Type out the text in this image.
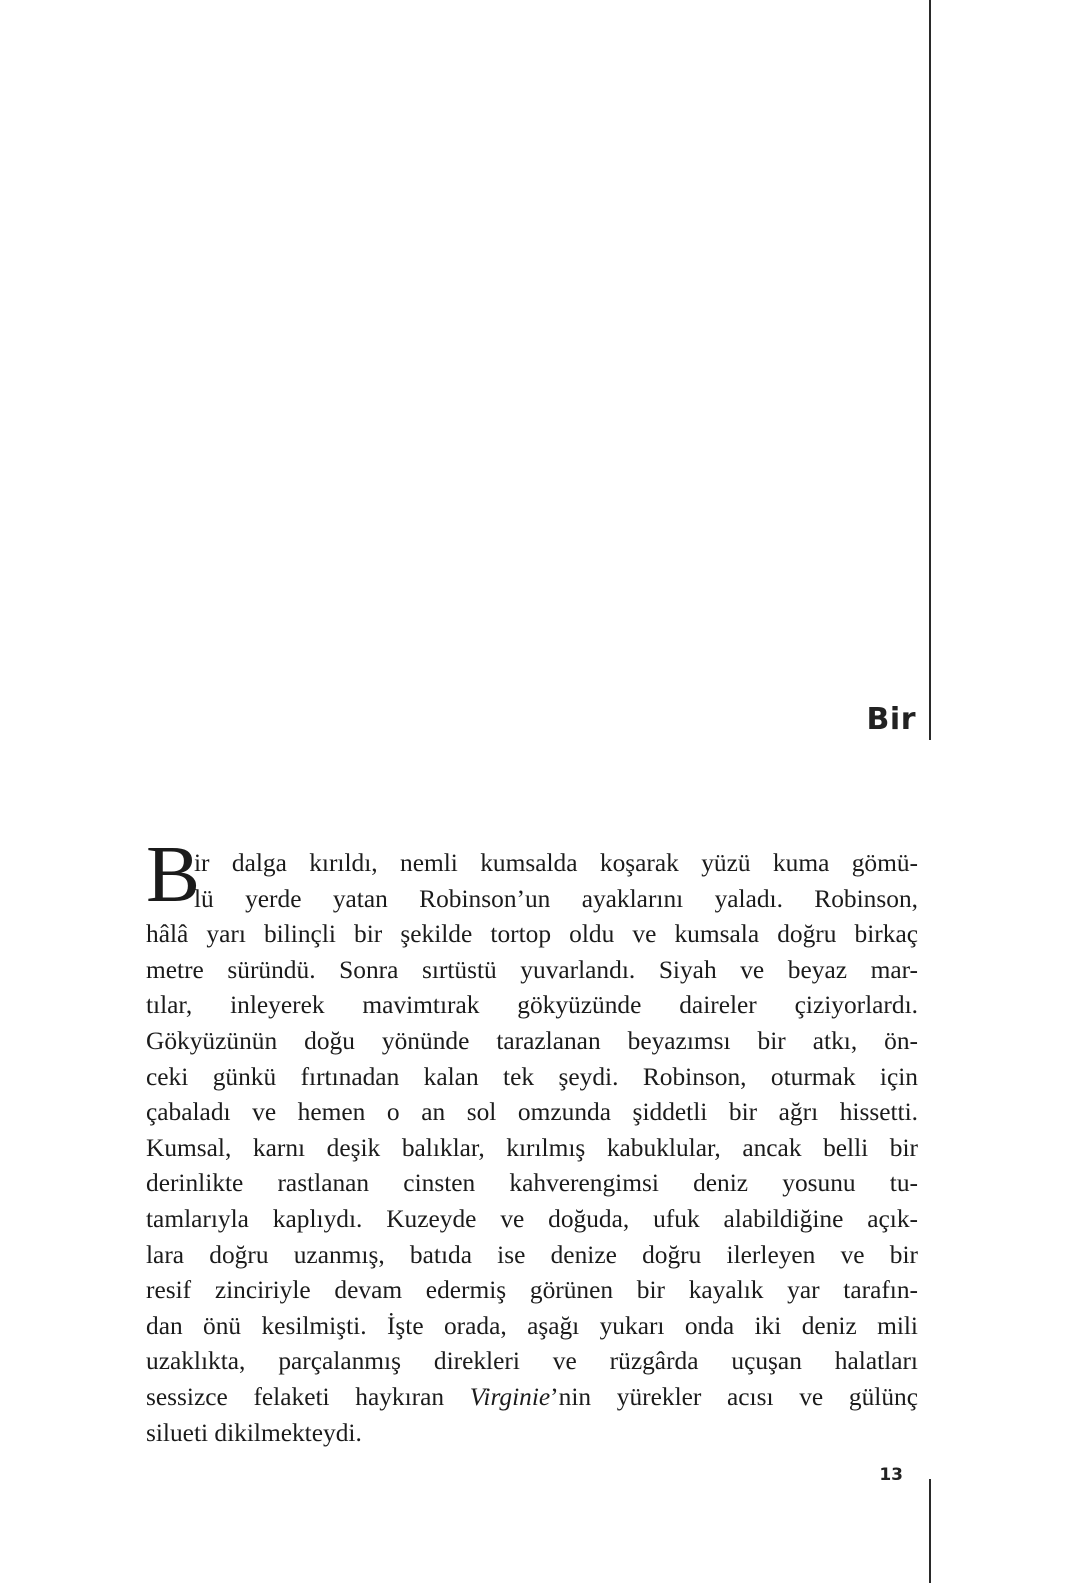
Bir
B

ir dalga kırıldı, nemli kumsalda koşarak yüzü kuma gömü-
lü yerde yatan Robinson’un ayaklarını yaladı. Robinson,
hâlâ yarı bilinçli bir şekilde tortop oldu ve kumsala doğru birkaç
metre süründü. Sonra sırtüstü yuvarlandı. Siyah ve beyaz mar-
tılar, inleyerek mavimtırak gökyüzünde daireler çiziyorlardı.
Gökyüzünün doğu yönünde tarazlanan beyazımsı bir atkı, ön-
ceki günkü fırtınadan kalan tek şeydi. Robinson, oturmak için
çabaladı ve hemen o an sol omzunda şiddetli bir ağrı hissetti.
Kumsal, karnı deşik balıklar, kırılmış kabuklular, ancak belli bir
derinlikte rastlanan cinsten kahverengimsi deniz yosunu tu-
tamlarıyla kaplıydı. Kuzeyde ve doğuda, ufuk alabildiğine açık-
lara doğru uzanmış, batıda ise denize doğru ilerleyen ve bir
resif zinciriyle devam edermiş görünen bir kayalık yar tarafın-
dan önü kesilmişti. İşte orada, aşağı yukarı onda iki deniz mili
uzaklıkta, parçalanmış direkleri ve rüzgârda uçuşan halatları
sessizce felaketi haykıran Virginie’nin yürekler acısı ve gülünç
silueti dikilmekteydi.

13
